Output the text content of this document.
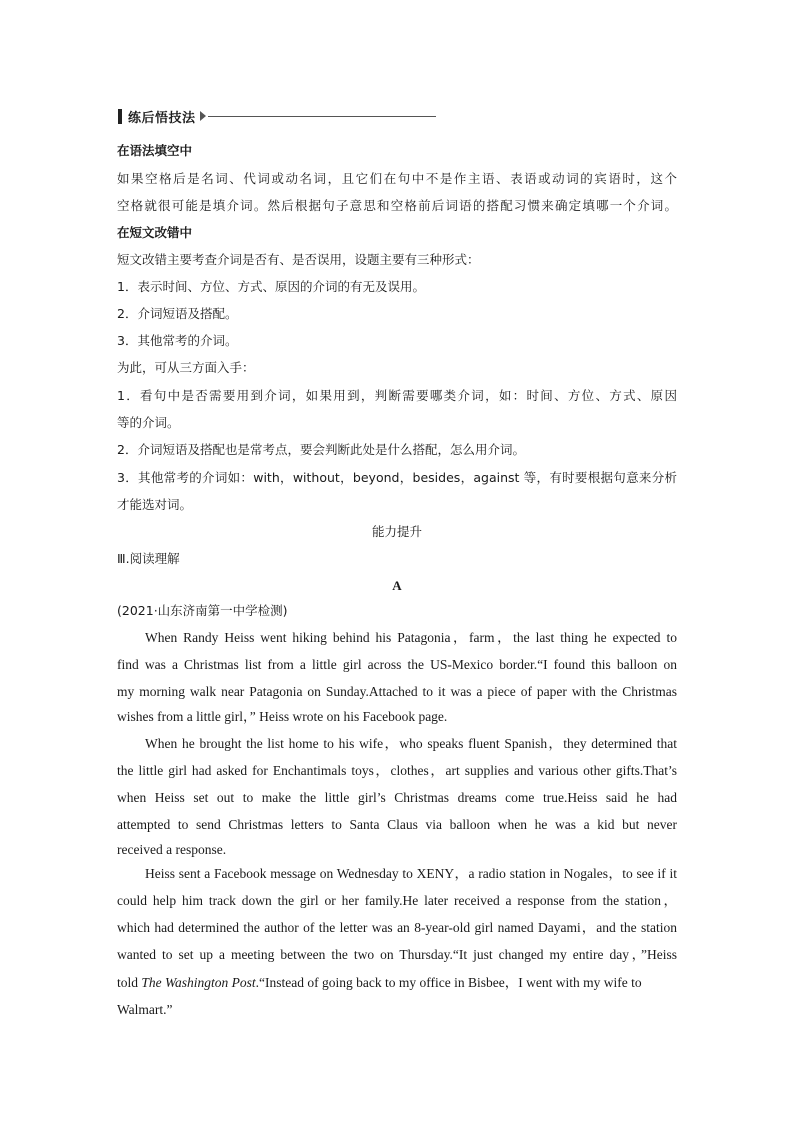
练后悟技法
在语法填空中
如果空格后是名词、代词或动名词，且它们在句中不是作主语、表语或动词的宾语时，这个
空格就很可能是填介词。然后根据句子意思和空格前后词语的搭配习惯来确定填哪一个介词。
在短文改错中
短文改错主要考查介词是否有、是否误用，设题主要有三种形式：
1．表示时间、方位、方式、原因的介词的有无及误用。
2．介词短语及搭配。
3．其他常考的介词。
为此，可从三方面入手：
1．看句中是否需要用到介词，如果用到，判断需要哪类介词，如：时间、方位、方式、原因
等的介词。
2．介词短语及搭配也是常考点，要会判断此处是什么搭配，怎么用介词。
3．其他常考的介词如：with，without，beyond，besides，against 等，有时要根据句意来分析
才能选对词。
能力提升
Ⅲ.阅读理解
A
(2021·山东济南第一中学检测)
When Randy Heiss went hiking behind his Patagonia，farm，the last thing he expected to
find was a Christmas list from a little girl across the US-Mexico border.“I found this balloon on
my morning walk near Patagonia on Sunday.Attached to it was a piece of paper with the Christmas
wishes from a little girl，” Heiss wrote on his Facebook page.
When he brought the list home to his wife，who speaks fluent Spanish，they determined that
the little girl had asked for Enchantimals toys，clothes，art supplies and various other gifts.That’s
when Heiss set out to make the little girl’s Christmas dreams come true.Heiss said he had
attempted to send Christmas letters to Santa Claus via balloon when he was a kid but never
received a response.
Heiss sent a Facebook message on Wednesday to XENY，a radio station in Nogales，to see if it
could help him track down the girl or her family.He later received a response from the station，
which had determined the author of the letter was an 8-year-old girl named Dayami，and the station
wanted to set up a meeting between the two on Thursday.“It just changed my entire day，”Heiss
told The Washington Post.“Instead of going back to my office in Bisbee，I went with my wife to
Walmart.”
